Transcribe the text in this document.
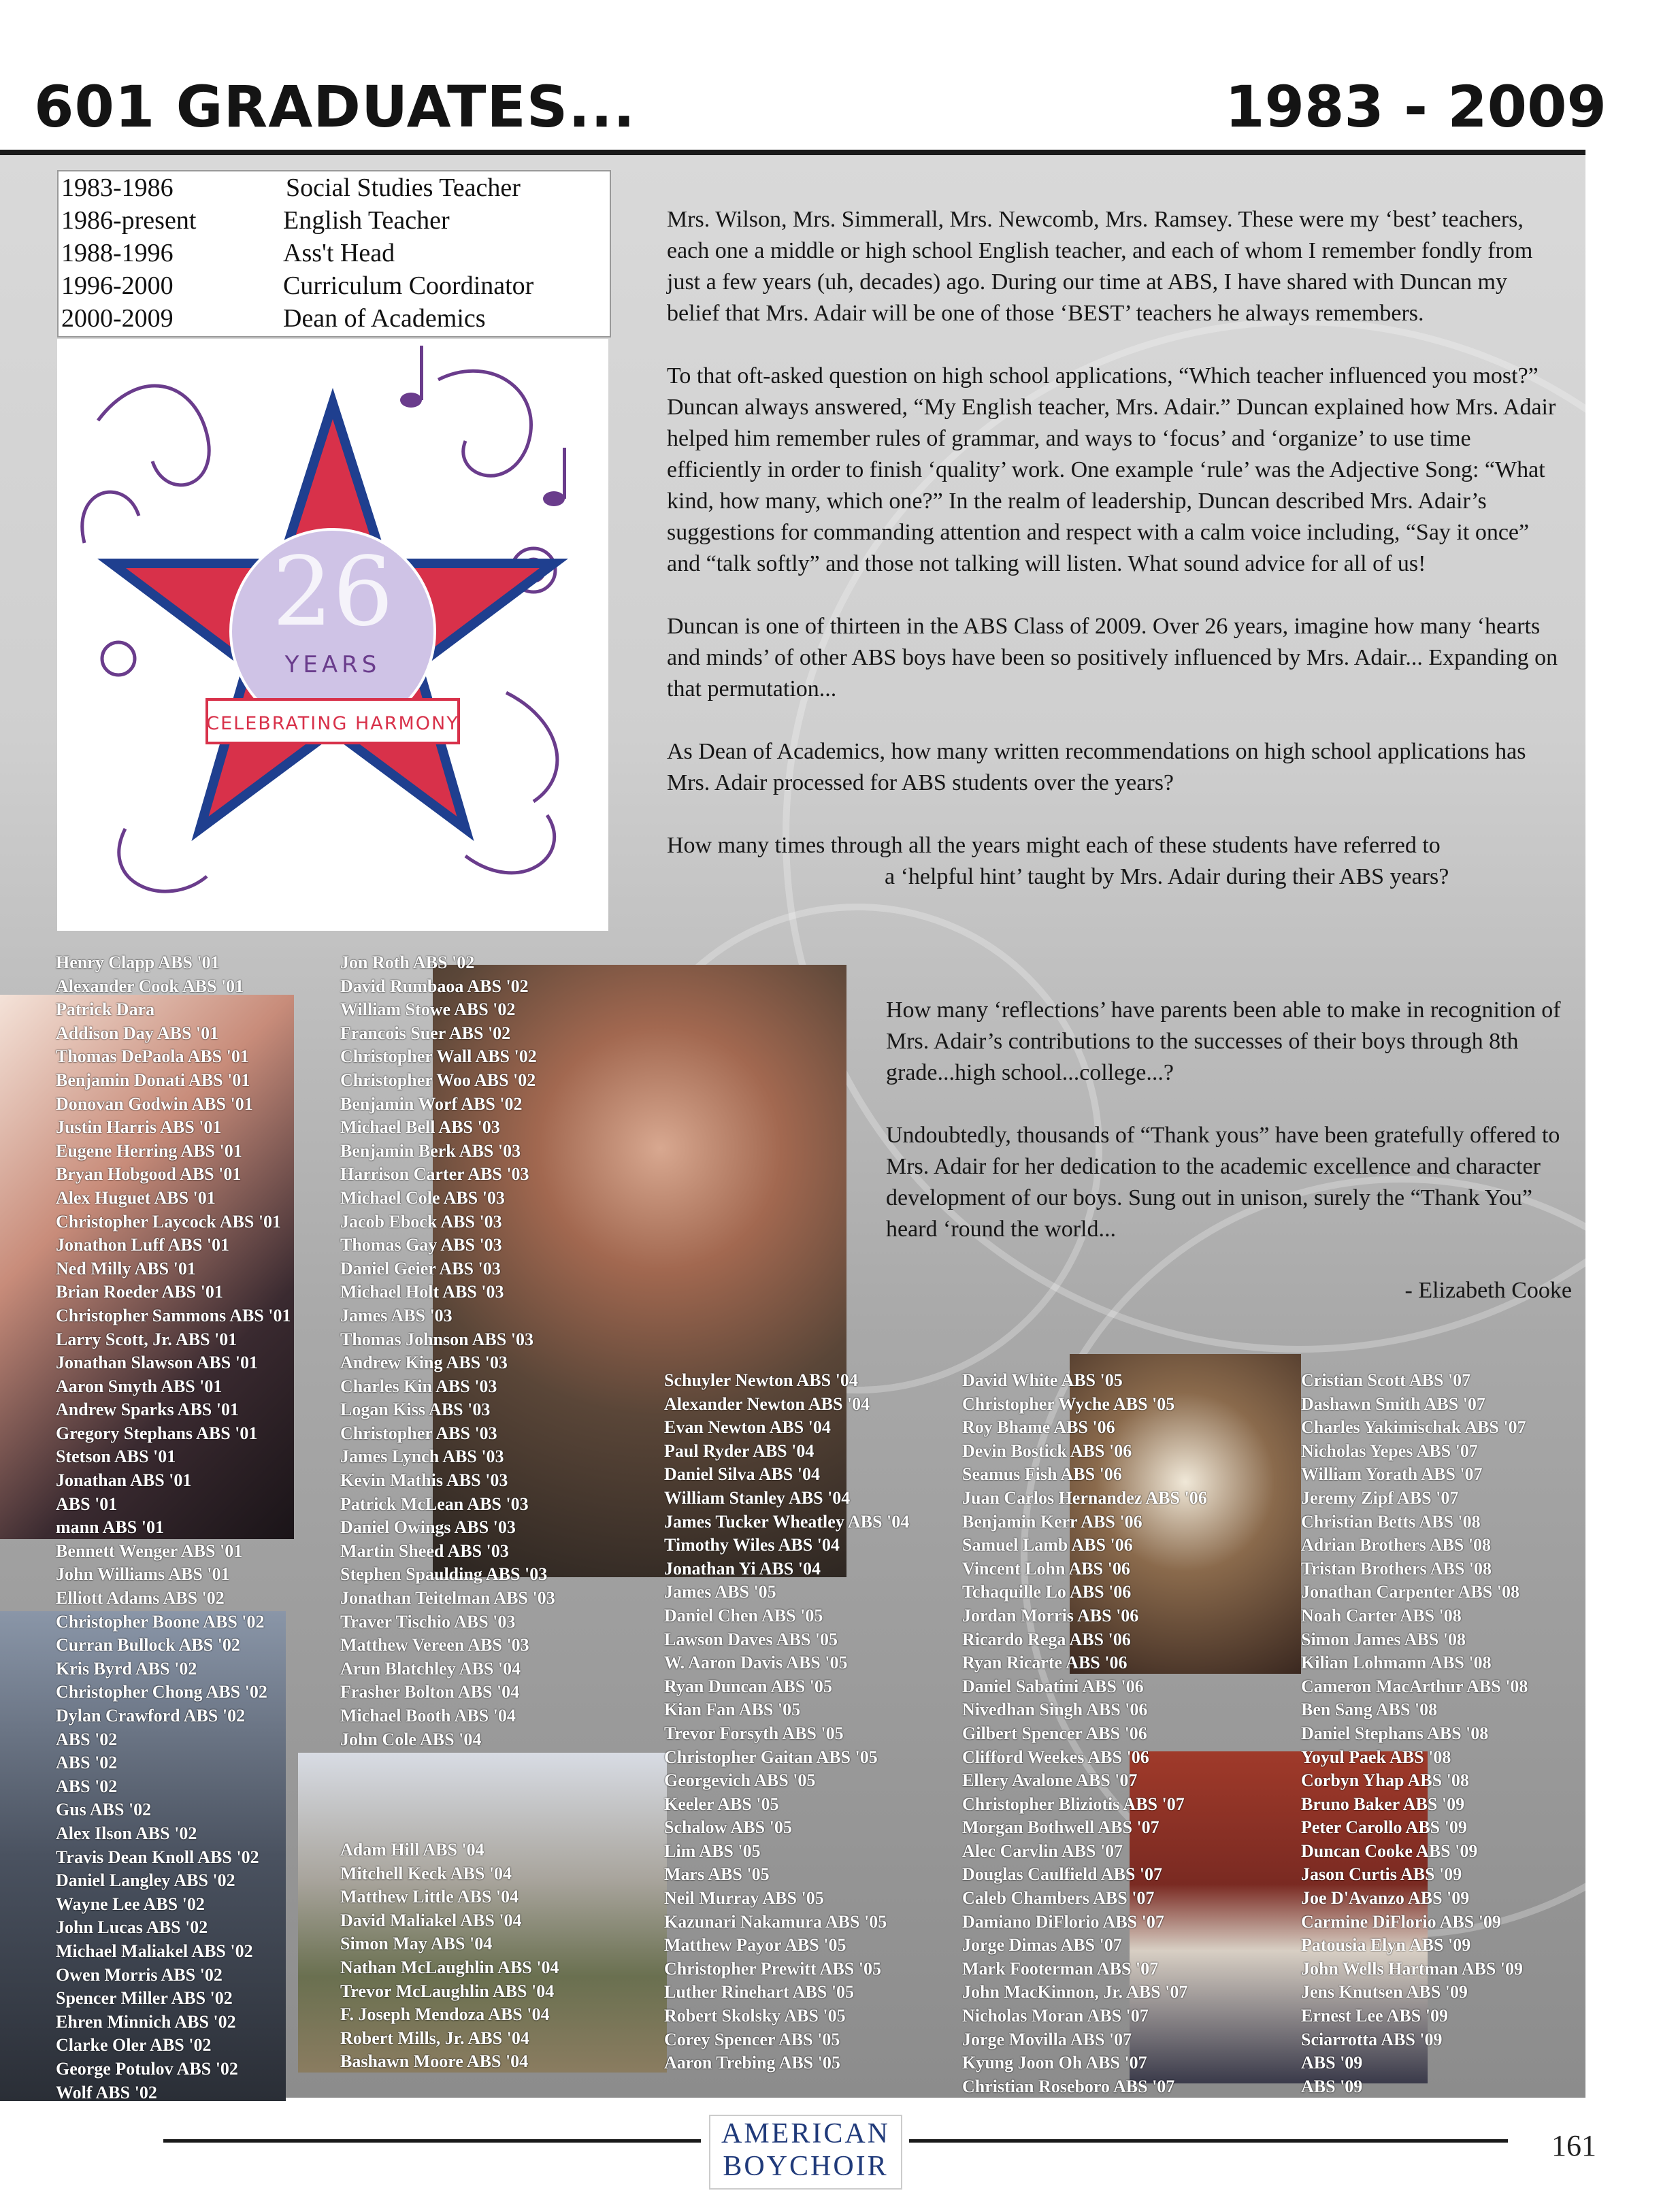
601 GRADUATES...	1983 - 2009
1983-1986	Social Studies Teacher
1986-present	English Teacher
1988-1996	Ass't Head
1996-2000	Curriculum Coordinator
2000-2009	Dean of Academics
26
YEARS
CELEBRATING HARMONY

Mrs. Wilson, Mrs. Simmerall, Mrs. Newcomb, Mrs. Ramsey. These were my ‘best’ teachers, each one a middle or high school English teacher, and each of whom I remember fondly from just a few years (uh, decades) ago. During our time at ABS, I have shared with Duncan my belief that Mrs. Adair will be one of those ‘BEST’ teachers he always remembers.

To that oft-asked question on high school applications, “Which teacher influenced you most?” Duncan always answered, “My English teacher, Mrs. Adair.” Duncan explained how Mrs. Adair helped him remember rules of grammar, and ways to ‘focus’ and ‘organize’ to use time efficiently in order to finish ‘quality’ work. One example ‘rule’ was the Adjective Song: “What kind, how many, which one?” In the realm of leadership, Duncan described Mrs. Adair’s suggestions for commanding attention and respect with a calm voice including, “Say it once” and “talk softly” and those not talking will listen. What sound advice for all of us!

Duncan is one of thirteen in the ABS Class of 2009. Over 26 years, imagine how many ‘hearts and minds’ of other ABS boys have been so positively influenced by Mrs. Adair... Expanding on that permutation...

As Dean of Academics, how many written recommendations on high school applications has Mrs. Adair processed for ABS students over the years?

How many times through all the years might each of these students have referred to

a ‘helpful hint’ taught by Mrs. Adair during their ABS years?

How many ‘reflections’ have parents been able to make in recognition of Mrs. Adair’s contributions to the successes of their boys through 8th grade...high school...college...?

Undoubtedly, thousands of “Thank yous” have been gratefully offered to Mrs. Adair for her dedication to the academic excellence and character development of our boys. Sung out in unison, surely the “Thank You” heard ‘round the world...

- Elizabeth Cooke
Henry Clapp ABS '01
Alexander Cook ABS '01
Patrick Dara
Addison Day ABS '01
Thomas DePaola ABS '01
Benjamin Donati ABS '01
Donovan Godwin ABS '01
Justin Harris ABS '01
Eugene Herring ABS '01
Bryan Hobgood ABS '01
Alex Huguet ABS '01
Christopher Laycock ABS '01
Jonathon Luff ABS '01
Ned Milly ABS '01
Brian Roeder ABS '01
Christopher Sammons ABS '01
Larry Scott, Jr. ABS '01
Jonathan Slawson ABS '01
Aaron Smyth ABS '01
Andrew Sparks ABS '01
Gregory Stephans ABS '01
Stetson ABS '01
Jonathan ABS '01
ABS '01
mann ABS '01
Bennett Wenger ABS '01
John Williams ABS '01
Elliott Adams ABS '02
Christopher Boone ABS '02
Curran Bullock ABS '02
Kris Byrd ABS '02
Christopher Chong ABS '02
Dylan Crawford ABS '02
ABS '02
ABS '02
ABS '02
Gus ABS '02
Alex Ilson ABS '02
Travis Dean Knoll ABS '02
Daniel Langley ABS '02
Wayne Lee ABS '02
John Lucas ABS '02
Michael Maliakel ABS '02
Owen Morris ABS '02
Spencer Miller ABS '02
Ehren Minnich ABS '02
Clarke Oler ABS '02
George Potulov ABS '02
Wolf ABS '02
Jon Roth ABS '02
David Rumbaoa ABS '02
William Stowe ABS '02
Francois Suer ABS '02
Christopher Wall ABS '02
Christopher Woo ABS '02
Benjamin Worf ABS '02
Michael Bell ABS '03
Benjamin Berk ABS '03
Harrison Carter ABS '03
Michael Cole ABS '03
Jacob Ebock ABS '03
Thomas Gay ABS '03
Daniel Geier ABS '03
Michael Holt ABS '03
James ABS '03
Thomas Johnson ABS '03
Andrew King ABS '03
Charles Kin ABS '03
Logan Kiss ABS '03
Christopher ABS '03
James Lynch ABS '03
Kevin Mathis ABS '03
Patrick McLean ABS '03
Daniel Owings ABS '03
Martin Sheed ABS '03
Stephen Spaulding ABS '03
Jonathan Teitelman ABS '03
Traver Tischio ABS '03
Matthew Vereen ABS '03
Arun Blatchley ABS '04
Frasher Bolton ABS '04
Michael Booth ABS '04
John Cole ABS '04
Adam Hill ABS '04
Mitchell Keck ABS '04
Matthew Little ABS '04
David Maliakel ABS '04
Simon May ABS '04
Nathan McLaughlin ABS '04
Trevor McLaughlin ABS '04
F. Joseph Mendoza ABS '04
Robert Mills, Jr. ABS '04
Bashawn Moore ABS '04
Schuyler Newton ABS '04
Alexander Newton ABS '04
Evan Newton ABS '04
Paul Ryder ABS '04
Daniel Silva ABS '04
William Stanley ABS '04
James Tucker Wheatley ABS '04
Timothy Wiles ABS '04
Jonathan Yi ABS '04
James ABS '05
Daniel Chen ABS '05
Lawson Daves ABS '05
W. Aaron Davis ABS '05
Ryan Duncan ABS '05
Kian Fan ABS '05
Trevor Forsyth ABS '05
Christopher Gaitan ABS '05
Georgevich ABS '05
Keeler ABS '05
Schalow ABS '05
Lim ABS '05
Mars ABS '05
Neil Murray ABS '05
Kazunari Nakamura ABS '05
Matthew Payor ABS '05
Christopher Prewitt ABS '05
Luther Rinehart ABS '05
Robert Skolsky ABS '05
Corey Spencer ABS '05
Aaron Trebing ABS '05
David White ABS '05
Christopher Wyche ABS '05
Roy Bhame ABS '06
Devin Bostick ABS '06
Seamus Fish ABS '06
Juan Carlos Hernandez ABS '06
Benjamin Kerr ABS '06
Samuel Lamb ABS '06
Vincent Lohn ABS '06
Tchaquille Lo ABS '06
Jordan Morris ABS '06
Ricardo Rega ABS '06
Ryan Ricarte ABS '06
Daniel Sabatini ABS '06
Nivedhan Singh ABS '06
Gilbert Spencer ABS '06
Clifford Weekes ABS '06
Ellery Avalone ABS '07
Christopher Bliziotis ABS '07
Morgan Bothwell ABS '07
Alec Carvlin ABS '07
Douglas Caulfield ABS '07
Caleb Chambers ABS '07
Damiano DiFlorio ABS '07
Jorge Dimas ABS '07
Mark Footerman ABS '07
John MacKinnon, Jr. ABS '07
Nicholas Moran ABS '07
Jorge Movilla ABS '07
Kyung Joon Oh ABS '07
Christian Roseboro ABS '07
Cristian Scott ABS '07
Dashawn Smith ABS '07
Charles Yakimischak ABS '07
Nicholas Yepes ABS '07
William Yorath ABS '07
Jeremy Zipf ABS '07
Christian Betts ABS '08
Adrian Brothers ABS '08
Tristan Brothers ABS '08
Jonathan Carpenter ABS '08
Noah Carter ABS '08
Simon James ABS '08
Kilian Lohmann ABS '08
Cameron MacArthur ABS '08
Ben Sang ABS '08
Daniel Stephans ABS '08
Yoyul Paek ABS '08
Corbyn Yhap ABS '08
Bruno Baker ABS '09
Peter Carollo ABS '09
Duncan Cooke ABS '09
Jason Curtis ABS '09
Joe D'Avanzo ABS '09
Carmine DiFlorio ABS '09
Patousia Elyn ABS '09
John Wells Hartman ABS '09
Jens Knutsen ABS '09
Ernest Lee ABS '09
Sciarrotta ABS '09
ABS '09
ABS '09
AMERICAN
BOYCHOIR
161
